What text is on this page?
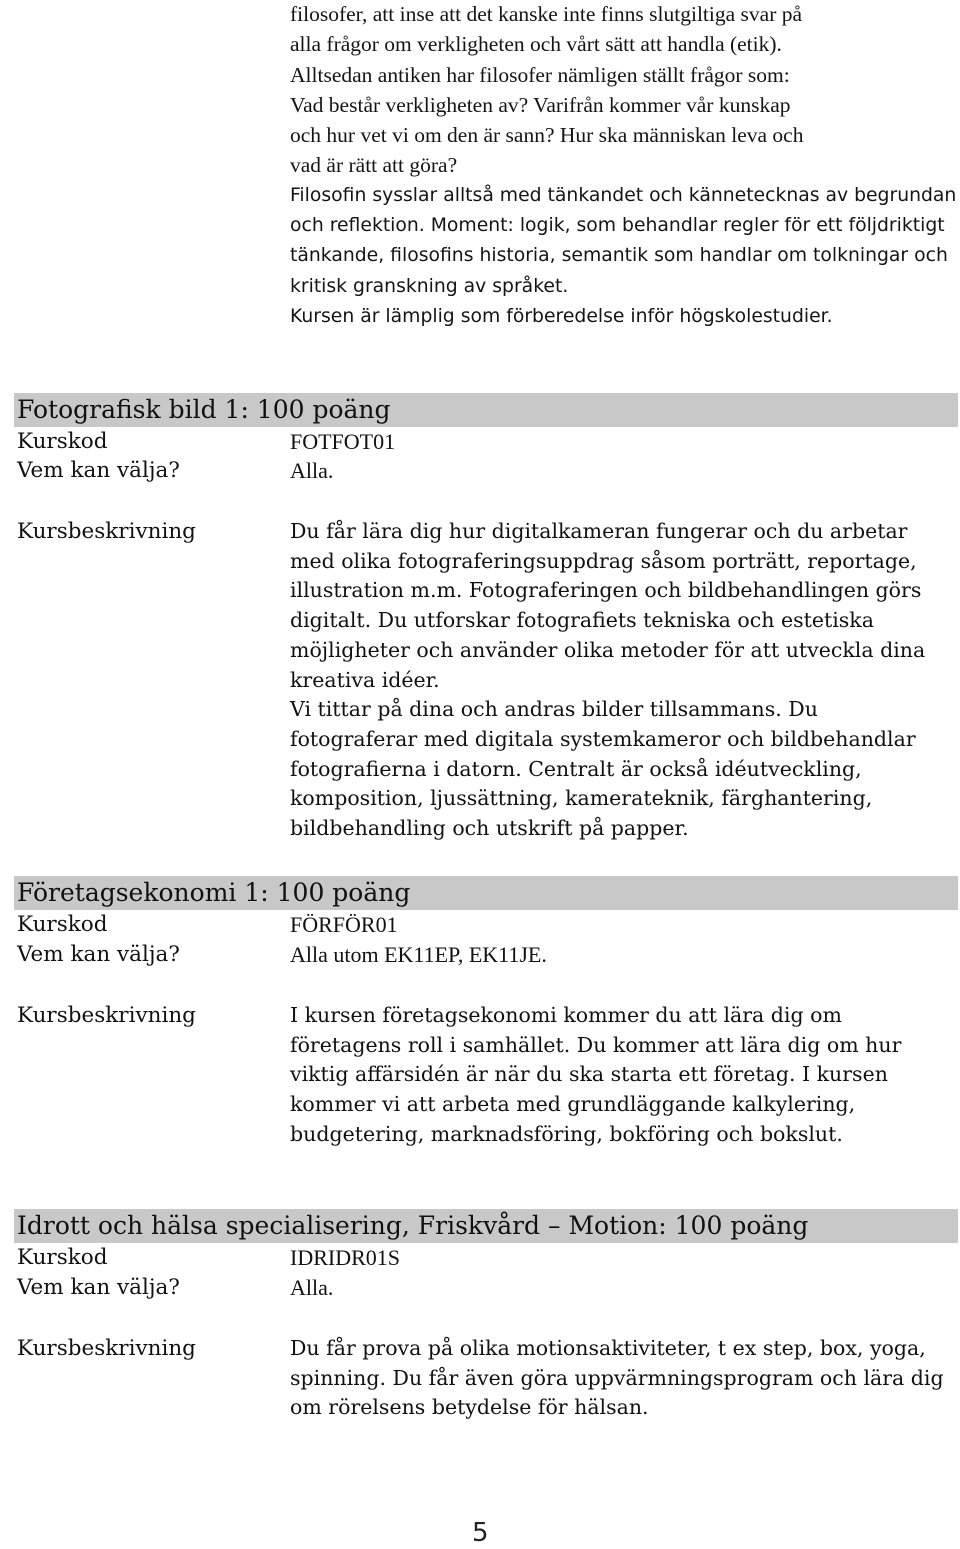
filosofer, att inse att det kanske inte finns slutgiltiga svar på

alla frågor om verkligheten och vårt sätt att handla (etik).

Alltsedan antiken har filosofer nämligen ställt frågor som:

Vad består verkligheten av? Varifrån kommer vår kunskap

och hur vet vi om den är sann? Hur ska människan leva och

vad är rätt att göra?

Filosofin sysslar alltså med tänkandet och kännetecknas av begrundan och reflektion. Moment: logik, som behandlar regler för ett följdriktigt tänkande, filosofins historia, semantik som handlar om tolkningar och kritisk granskning av språket.

Kursen är lämplig som förberedelse inför högskolestudier.

Fotografisk bild 1: 100 poäng
Kurskod	FOTFOT01
Vem kan välja?	Alla.
Kursbeskrivning	Du får lära dig hur digitalkameran fungerar och du arbetar med olika fotograferingsuppdrag såsom porträtt, reportage, illustration m.m. Fotograferingen och bildbehandlingen görs digitalt. Du utforskar fotografiets tekniska och estetiska möjligheter och använder olika metoder för att utveckla dina kreativa idéer.

Vi tittar på dina och andras bilder tillsammans. Du fotograferar med digitala systemkameror och bildbehandlar fotografierna i datorn. Centralt är också idéutveckling, komposition, ljussättning, kamerateknik, färghantering, bildbehandling och utskrift på papper.

Företagsekonomi 1: 100 poäng
Kurskod	FÖRFÖR01
Vem kan välja?	Alla utom EK11EP, EK11JE.
Kursbeskrivning	I kursen företagsekonomi kommer du att lära dig om företagens roll i samhället. Du kommer att lära dig om hur viktig affärsidén är när du ska starta ett företag. I kursen kommer vi att arbeta med grundläggande kalkylering, budgetering, marknadsföring, bokföring och bokslut.

Idrott och hälsa specialisering, Friskvård – Motion: 100 poäng
Kurskod	IDRIDR01S
Vem kan välja?	Alla.
Kursbeskrivning	Du får prova på olika motionsaktiviteter, t ex step, box, yoga, spinning. Du får även göra uppvärmningsprogram och lära dig om rörelsens betydelse för hälsan.

5
